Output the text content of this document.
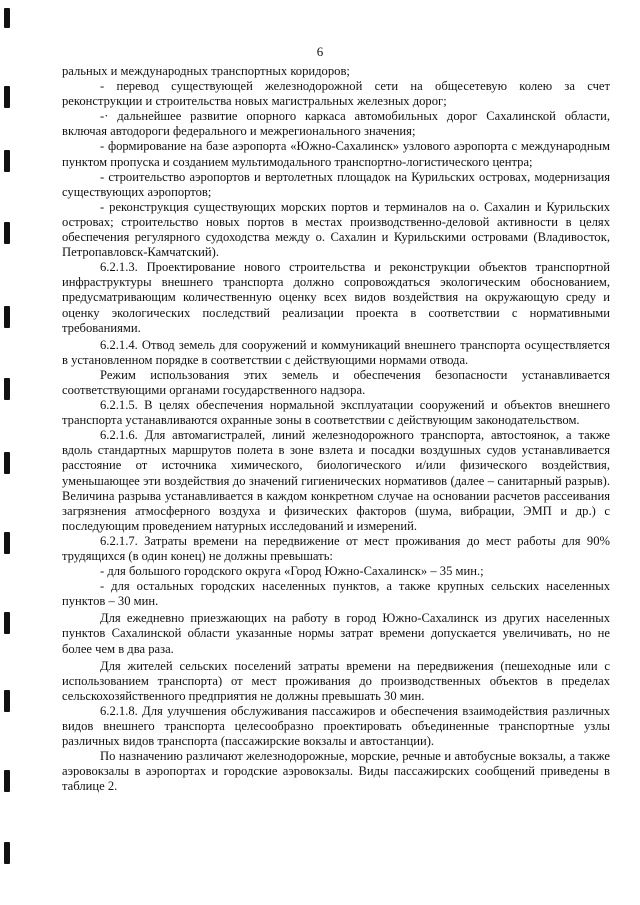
6

ральных и международных транспортных коридоров;

- перевод существующей железнодорожной сети на общесетевую колею за счет реконструкции и строительства новых магистральных железных дорог;

-· дальнейшее развитие опорного каркаса автомобильных дорог Сахалинской области, включая автодороги федерального и межрегионального значения;

- формирование на базе аэропорта «Южно-Сахалинск» узлового аэропорта с международным пунктом пропуска и созданием мультимодального транспортно-логистического центра;

- строительство аэропортов и вертолетных площадок на Курильских островах, модернизация существующих аэропортов;

- реконструкция существующих морских портов и терминалов на о. Сахалин и Курильских островах; строительство новых портов в местах производственно-деловой активности в целях обеспечения регулярного судоходства между о. Сахалин и Курильскими островами (Владивосток, Петропавловск-Камчатский).

6.2.1.3. Проектирование нового строительства и реконструкции объектов транспортной инфраструктуры внешнего транспорта должно сопровождаться экологическим обоснованием, предусматривающим количественную оценку всех видов воздействия на окружающую среду и оценку экологических последствий реализации проекта в соответствии с нормативными требованиями.

6.2.1.4. Отвод земель для сооружений и коммуникаций внешнего транспорта осуществляется в установленном порядке в соответствии с действующими нормами отвода.

Режим использования этих земель и обеспечения безопасности устанавливается соответствующими органами государственного надзора.

6.2.1.5. В целях обеспечения нормальной эксплуатации сооружений и объектов внешнего транспорта устанавливаются охранные зоны в соответствии с действующим законодательством.

6.2.1.6. Для автомагистралей, линий железнодорожного транспорта, автостоянок, а также вдоль стандартных маршрутов полета в зоне взлета и посадки воздушных судов устанавливается расстояние от источника химического, биологического и/или физического воздействия, уменьшающее эти воздействия до значений гигиенических нормативов (далее – санитарный разрыв). Величина разрыва устанавливается в каждом конкретном случае на основании расчетов рассеивания загрязнения атмосферного воздуха и физических факторов (шума, вибрации, ЭМП и др.) с последующим проведением натурных исследований и измерений.

6.2.1.7. Затраты времени на передвижение от мест проживания до мест работы для 90% трудящихся (в один конец) не должны превышать:

- для большого городского округа «Город Южно-Сахалинск» – 35 мин.;

- для остальных городских населенных пунктов, а также крупных сельских населенных пунктов – 30 мин.

Для ежедневно приезжающих на работу в город Южно-Сахалинск из других населенных пунктов Сахалинской области указанные нормы затрат времени допускается увеличивать, но не более чем в два раза.

Для жителей сельских поселений затраты времени на передвижения (пешеходные или с использованием транспорта) от мест проживания до производственных объектов в пределах сельскохозяйственного предприятия не должны превышать 30 мин.

6.2.1.8. Для улучшения обслуживания пассажиров и обеспечения взаимодействия различных видов внешнего транспорта целесообразно проектировать объединенные транспортные узлы различных видов транспорта (пассажирские вокзалы и автостанции).

По назначению различают железнодорожные, морские, речные и автобусные вокзалы, а также аэровокзалы в аэропортах и городские аэровокзалы. Виды пассажирских сообщений приведены в таблице 2.
